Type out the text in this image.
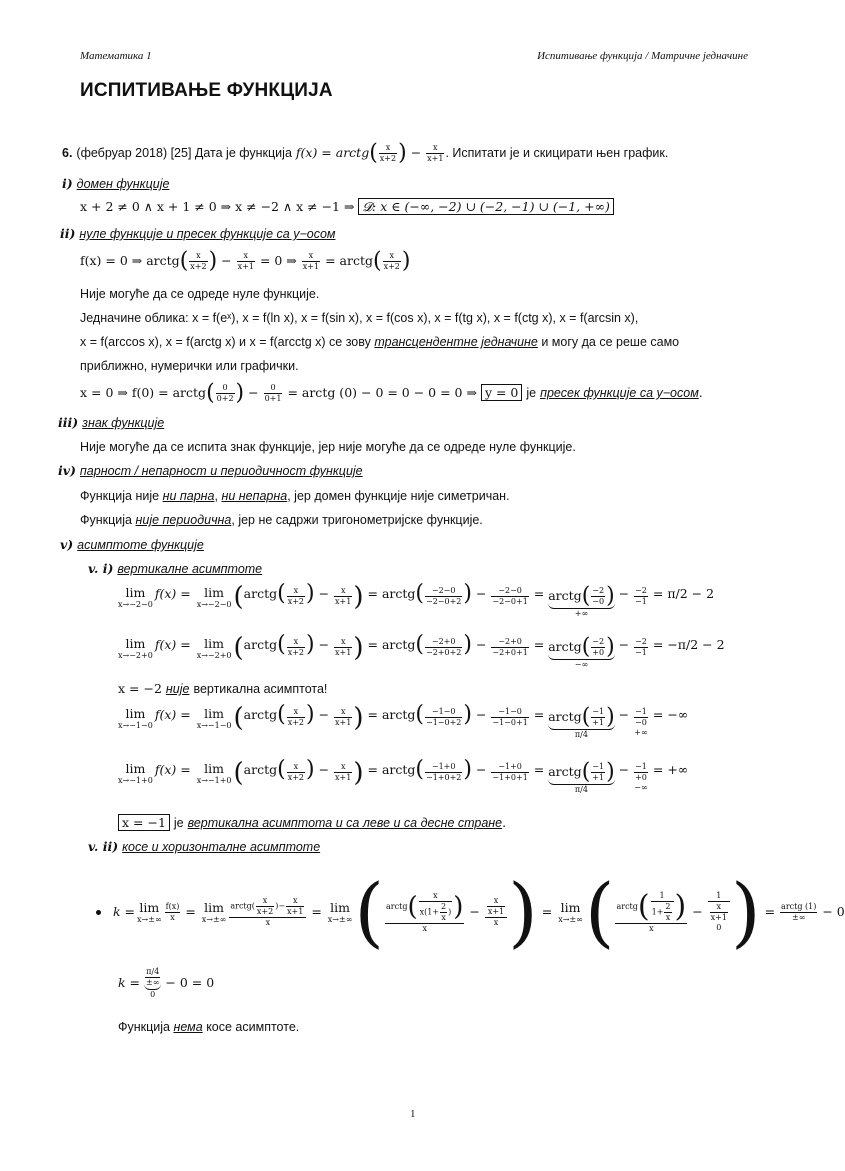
Математика 1	Испитивање функција / Матричне једначине
ИСПИТИВАЊЕ ФУНКЦИЈА
6. (фебруар 2018) [25] Дата је функција f(x) = arctg( $\frac{x}{x+2}$ ) − $\frac{x}{x+1}$ . Испитати је и скицирати њен график.
i) домен функције
x + 2 ≠ 0 ∧ x + 1 ≠ 0 ⇒ x ≠ −2 ∧ x ≠ −1 ⇒ 𝓓: x ∈ (−∞, −2) ∪ (−2, −1) ∪ (−1, +∞)
ii) нуле функције и пресек функције са y−осом
f(x) = 0 ⇒ arctg( $\frac{x}{x+2}$ ) − $\frac{x}{x+1} = 0$ ⇒ $\frac{x}{x+1}$ = arctg( $\frac{x}{x+2}$ )
Није могуће да се одреде нуле функције.
Једначине облика: x = f(eˣ), x = f(ln x), x = f(sin x), x = f(cos x), x = f(tg x), x = f(ctg x), x = f(arcsin x),
x = f(arccos x), x = f(arctg x) и x = f(arcctg x) се зову трансцендентне једначине и могу да се реше само
приближно, нумерички или графички.
x = 0 ⇒ f(0) = arctg( $\frac{0}{0+2}$ ) − $\frac{0}{0+1}$ = arctg (0) − 0 = 0 − 0 = 0 ⇒ y = 0 је пресек функције са y−осом.
iii) знак функције
Није могуће да се испита знак функције, јер није могуће да се одреде нуле функције.
iv) парност / непарност и периодичност функције
Функција није ни парна, ни непарна, јер домен функције није симетричан.
Функција није периодична, јер не садржи тригонометријске функције.
v) асимптоте функције
v. i) вертикалне асимптоте
lim
x→−2−0
f(x) =
	lim
x→−2−0 ( arctg ( $\frac{x}{x+2}$ ) − $\frac{x}{x+1}$ ) = arctg ( $\frac{-2-0}{-2-0+2}$ ) − $\frac{-2-0}{-2-0+1}$ = arctg( $\frac{-2}{-0}$ )
+∞
− $\frac{-2}{-1}$
= π/2 − 2
lim
x→−2+0
f(x) =
	lim
x→−2+0 ( arctg ( $\frac{x}{x+2}$ ) − $\frac{x}{x+1}$ ) = arctg ( $\frac{-2+0}{-2+0+2}$ ) − $\frac{-2+0}{-2+0+1}$ = arctg( $\frac{-2}{+0}$ )
−∞
− $\frac{-2}{-1}$
= −π/2 − 2
lim
x→−1−0
f(x) =
	lim
x→−1−0 ( arctg ( $\frac{x}{x+2}$ ) − $\frac{x}{x+1}$ ) = arctg ( $\frac{-1-0}{-1-0+2}$ ) − $\frac{-1-0}{-1-0+1}$ = arctg( $\frac{-1}{+1}$ )
π/4
− $\frac{-1}{-0}$
+∞

= −∞
lim
x→−1+0
f(x) =
	lim
x→−1+0 ( arctg ( $\frac{x}{x+2}$ ) − $\frac{x}{x+1}$ ) = arctg ( $\frac{-1+0}{-1+0+2}$ ) − $\frac{-1+0}{-1+0+1}$ = arctg( $\frac{-1}{+1}$ )
π/4
− $\frac{-1}{+0}$
−∞

= +∞
x = −2 није вертикална асимптота!
x = −1 је вертикална асимптота и са леве и са десне стране.
v. ii) косе и хоризонталне асимптоте
k = lim
$x\to\pm\infty \frac{f(x)}{x} = \lim$
$x\to\pm\infty \frac{arctg( \frac{x}{x+2} )- \frac{x}{x+1}}{x} = \lim$
x→±∞ ( $\frac{arctg( \frac{x}{x(1+ \frac{2}{x} )} )}{x} - \frac{\frac{x}{x+1}}{x}$ ) = lim
x→±∞ ( $\frac{arctg( \frac{1}{1+ \frac{2}{x}} )}{x}$ −
1
$\frac{x}{x+1}$

0 ) = $\frac{\text{arctg (1)}}{\pm\infty}$
− 0
k =
$\frac{\pi/4}{\pm\infty}$
0

− 0 = 0
Функција нема косе асимптоте.
1
